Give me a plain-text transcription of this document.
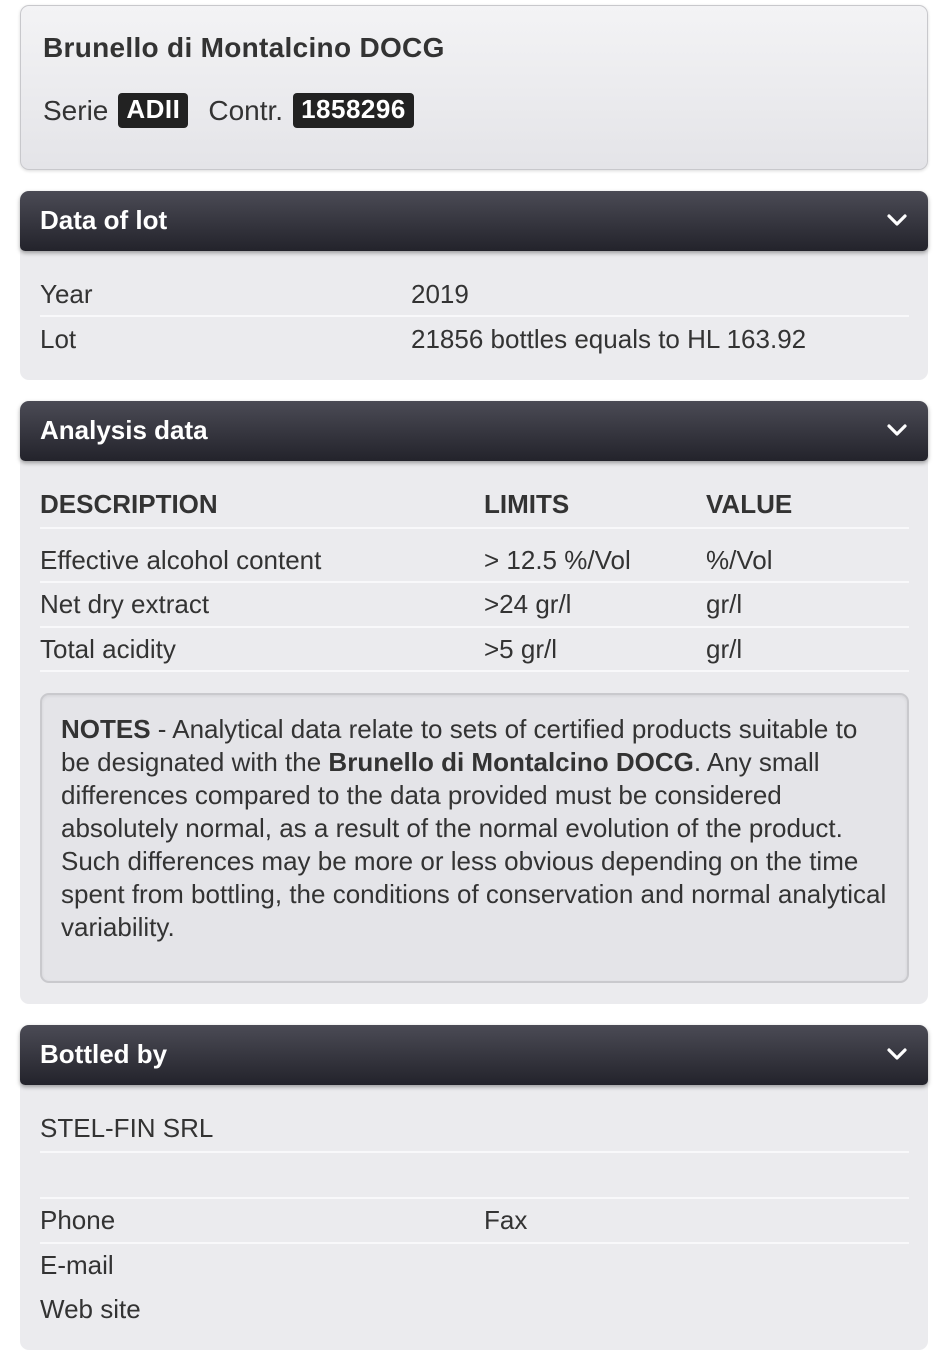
Brunello di Montalcino DOCG
Serie ADII Contr. 1858296
Data of lot
Year	2019
Lot	21856 bottles equals to HL 163.92
Analysis data
DESCRIPTION	LIMITS	VALUE
Effective alcohol content	> 12.5 %/Vol	%/Vol
Net dry extract	>24 gr/l	gr/l
Total acidity	>5 gr/l	gr/l
NOTES - Analytical data relate to sets of certified products suitable to be designated with the Brunello di Montalcino DOCG. Any small differences compared to the data provided must be considered absolutely normal, as a result of the normal evolution of the product. Such differences may be more or less obvious depending on the time spent from bottling, the conditions of conservation and normal analytical variability.
Bottled by
STEL-FIN SRL
Phone	Fax
E-mail
Web site
